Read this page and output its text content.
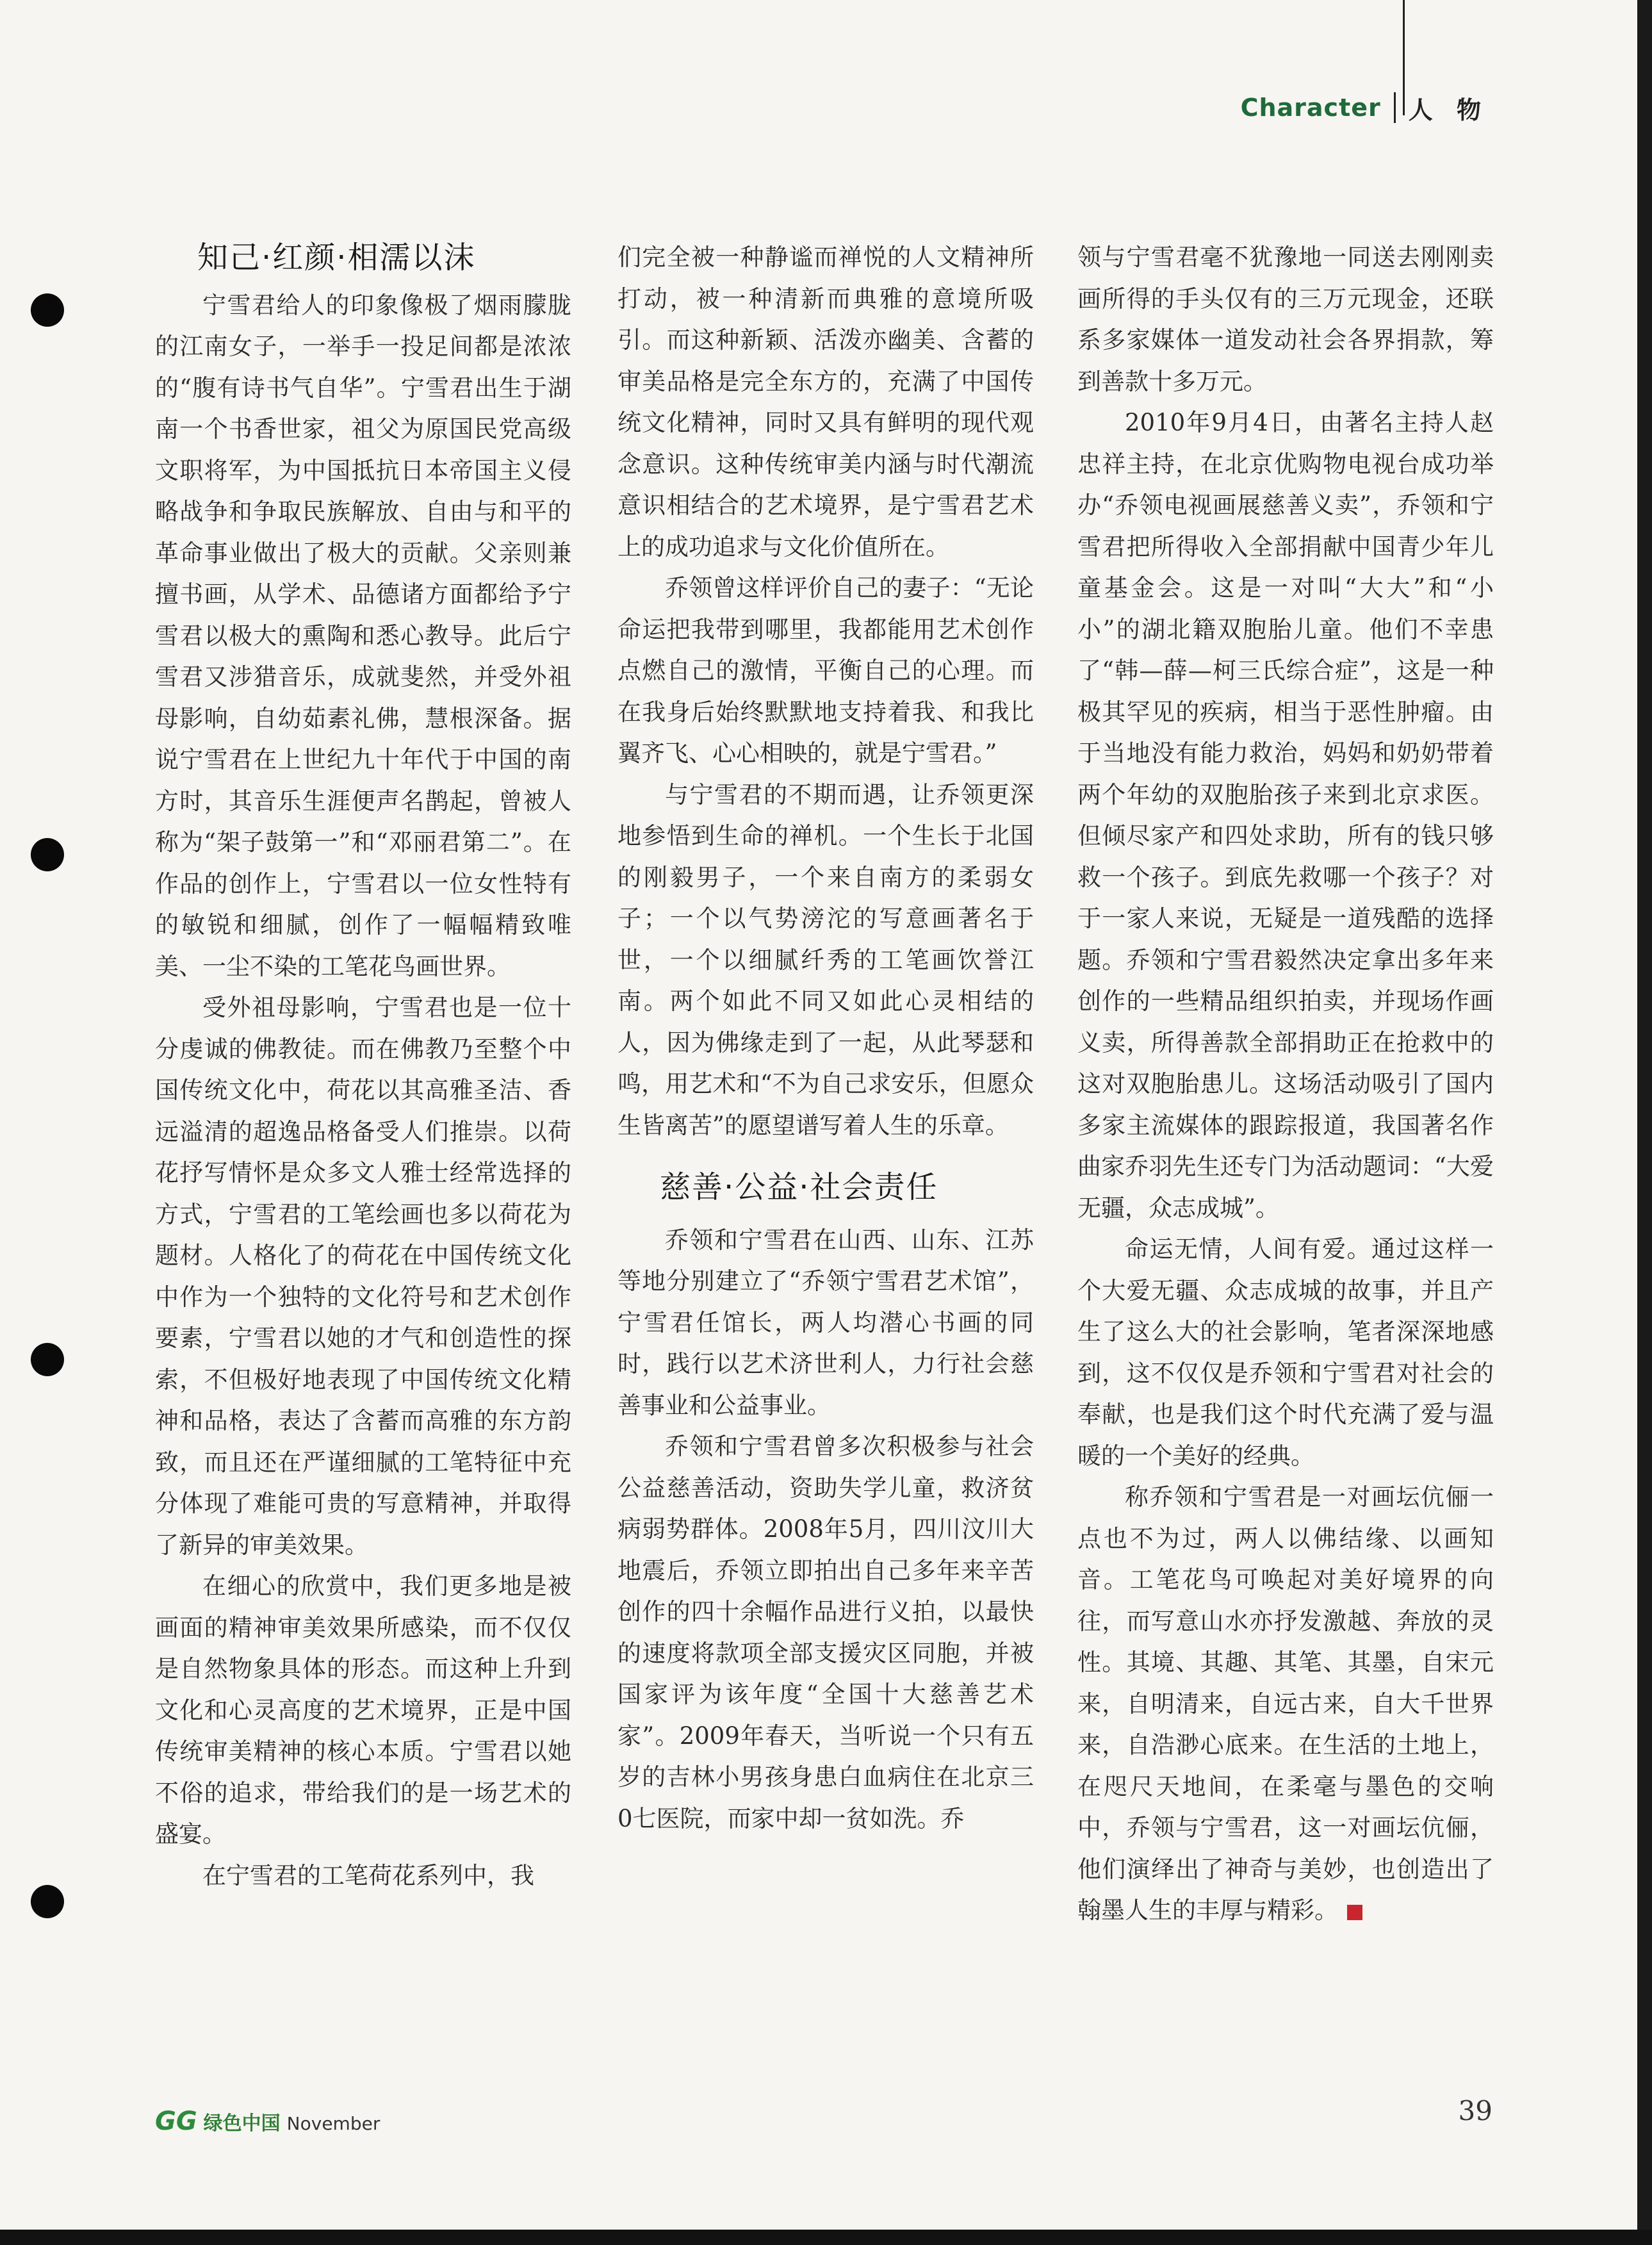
Character 人 物
知己·红颜·相濡以沫

宁雪君给人的印象像极了烟雨朦胧的江南女子，一举手一投足间都是浓浓的“腹有诗书气自华”。宁雪君出生于湖南一个书香世家，祖父为原国民党高级文职将军，为中国抵抗日本帝国主义侵略战争和争取民族解放、自由与和平的革命事业做出了极大的贡献。父亲则兼擅书画，从学术、品德诸方面都给予宁雪君以极大的熏陶和悉心教导。此后宁雪君又涉猎音乐，成就斐然，并受外祖母影响，自幼茹素礼佛，慧根深备。据说宁雪君在上世纪九十年代于中国的南方时，其音乐生涯便声名鹊起，曾被人称为“架子鼓第一”和“邓丽君第二”。在作品的创作上，宁雪君以一位女性特有的敏锐和细腻，创作了一幅幅精致唯美、一尘不染的工笔花鸟画世界。

受外祖母影响，宁雪君也是一位十分虔诚的佛教徒。而在佛教乃至整个中国传统文化中，荷花以其高雅圣洁、香远溢清的超逸品格备受人们推崇。以荷花抒写情怀是众多文人雅士经常选择的方式，宁雪君的工笔绘画也多以荷花为题材。人格化了的荷花在中国传统文化中作为一个独特的文化符号和艺术创作要素，宁雪君以她的才气和创造性的探索，不但极好地表现了中国传统文化精神和品格，表达了含蓄而高雅的东方韵致，而且还在严谨细腻的工笔特征中充分体现了难能可贵的写意精神，并取得了新异的审美效果。

在细心的欣赏中，我们更多地是被画面的精神审美效果所感染，而不仅仅是自然物象具体的形态。而这种上升到文化和心灵高度的艺术境界，正是中国传统审美精神的核心本质。宁雪君以她不俗的追求，带给我们的是一场艺术的盛宴。

在宁雪君的工笔荷花系列中，我

们完全被一种静谧而禅悦的人文精神所打动，被一种清新而典雅的意境所吸引。而这种新颖、活泼亦幽美、含蓄的审美品格是完全东方的，充满了中国传统文化精神，同时又具有鲜明的现代观念意识。这种传统审美内涵与时代潮流意识相结合的艺术境界，是宁雪君艺术上的成功追求与文化价值所在。

乔领曾这样评价自己的妻子：“无论命运把我带到哪里，我都能用艺术创作点燃自己的激情，平衡自己的心理。而在我身后始终默默地支持着我、和我比翼齐飞、心心相映的，就是宁雪君。”

与宁雪君的不期而遇，让乔领更深地参悟到生命的禅机。一个生长于北国的刚毅男子，一个来自南方的柔弱女子；一个以气势滂沱的写意画著名于世，一个以细腻纤秀的工笔画饮誉江南。两个如此不同又如此心灵相结的人，因为佛缘走到了一起，从此琴瑟和鸣，用艺术和“不为自己求安乐，但愿众生皆离苦”的愿望谱写着人生的乐章。

慈善·公益·社会责任

乔领和宁雪君在山西、山东、江苏等地分别建立了“乔领宁雪君艺术馆”，宁雪君任馆长，两人均潜心书画的同时，践行以艺术济世利人，力行社会慈善事业和公益事业。

乔领和宁雪君曾多次积极参与社会公益慈善活动，资助失学儿童，救济贫病弱势群体。2008年5月，四川汶川大地震后，乔领立即拍出自己多年来辛苦创作的四十余幅作品进行义拍，以最快的速度将款项全部支援灾区同胞，并被国家评为该年度“全国十大慈善艺术家”。2009年春天，当听说一个只有五岁的吉林小男孩身患白血病住在北京三0七医院，而家中却一贫如洗。乔

领与宁雪君毫不犹豫地一同送去刚刚卖画所得的手头仅有的三万元现金，还联系多家媒体一道发动社会各界捐款，筹到善款十多万元。

2010年9月4日，由著名主持人赵忠祥主持，在北京优购物电视台成功举办“乔领电视画展慈善义卖”，乔领和宁雪君把所得收入全部捐献中国青少年儿童基金会。这是一对叫“大大”和“小小”的湖北籍双胞胎儿童。他们不幸患了“韩—薛—柯三氏综合症”，这是一种极其罕见的疾病，相当于恶性肿瘤。由于当地没有能力救治，妈妈和奶奶带着两个年幼的双胞胎孩子来到北京求医。但倾尽家产和四处求助，所有的钱只够救一个孩子。到底先救哪一个孩子？对于一家人来说，无疑是一道残酷的选择题。乔领和宁雪君毅然决定拿出多年来创作的一些精品组织拍卖，并现场作画义卖，所得善款全部捐助正在抢救中的这对双胞胎患儿。这场活动吸引了国内多家主流媒体的跟踪报道，我国著名作曲家乔羽先生还专门为活动题词：“大爱无疆，众志成城”。

命运无情，人间有爱。通过这样一个大爱无疆、众志成城的故事，并且产生了这么大的社会影响，笔者深深地感到，这不仅仅是乔领和宁雪君对社会的奉献，也是我们这个时代充满了爱与温暖的一个美好的经典。

称乔领和宁雪君是一对画坛伉俪一点也不为过，两人以佛结缘、以画知音。工笔花鸟可唤起对美好境界的向往，而写意山水亦抒发激越、奔放的灵性。其境、其趣、其笔、其墨，自宋元来，自明清来，自远古来，自大千世界来，自浩渺心底来。在生活的土地上，在咫尺天地间，在柔毫与墨色的交响中，乔领与宁雪君，这一对画坛伉俪，他们演绎出了神奇与美妙，也创造出了翰墨人生的丰厚与精彩。

GG 绿色中国 November	39
